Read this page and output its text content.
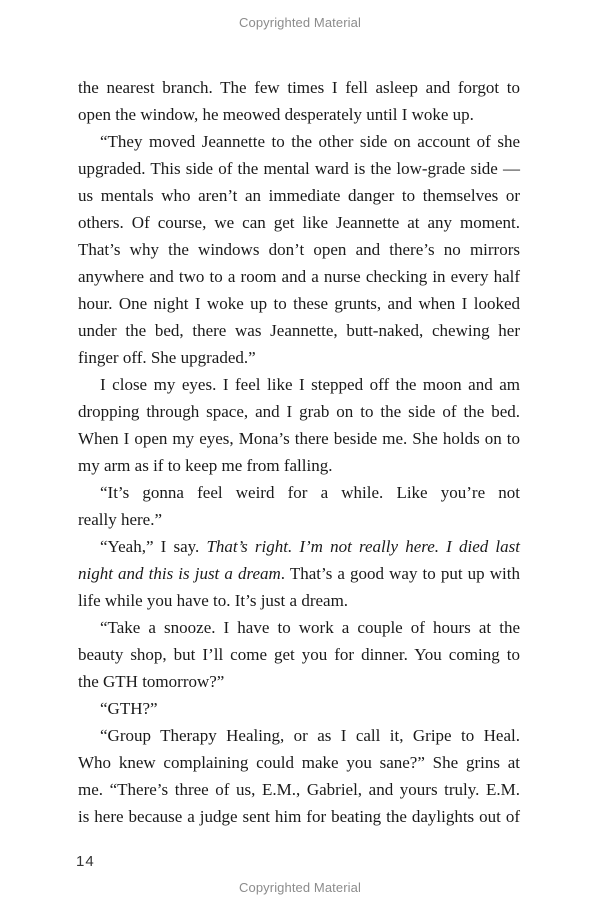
Copyrighted Material
the nearest branch. The few times I fell asleep and forgot to
open the window, he meowed desperately until I woke up.
“They moved Jeannette to the other side on account of she
upgraded. This side of the mental ward is the low-grade side —
us mentals who aren’t an immediate danger to themselves or
others. Of course, we can get like Jeannette at any moment.
That’s why the windows don’t open and there’s no mirrors
anywhere and two to a room and a nurse checking in every half
hour. One night I woke up to these grunts, and when I looked
under the bed, there was Jeannette, butt-naked, chewing her
finger off. She upgraded.”
I close my eyes. I feel like I stepped off the moon and am
dropping through space, and I grab on to the side of the bed.
When I open my eyes, Mona’s there beside me. She holds on to
my arm as if to keep me from falling.
“It’s gonna feel weird for a while. Like you’re not
really here.”
“Yeah,” I say. That’s right. I’m not really here. I died last
night and this is just a dream. That’s a good way to put up with
life while you have to. It’s just a dream.
“Take a snooze. I have to work a couple of hours at the
beauty shop, but I’ll come get you for dinner. You coming to
the GTH tomorrow?”
“GTH?”
“Group Therapy Healing, or as I call it, Gripe to Heal.
Who knew complaining could make you sane?” She grins at
me. “There’s three of us, E.M., Gabriel, and yours truly. E.M.
is here because a judge sent him for beating the daylights out of
14
Copyrighted Material
